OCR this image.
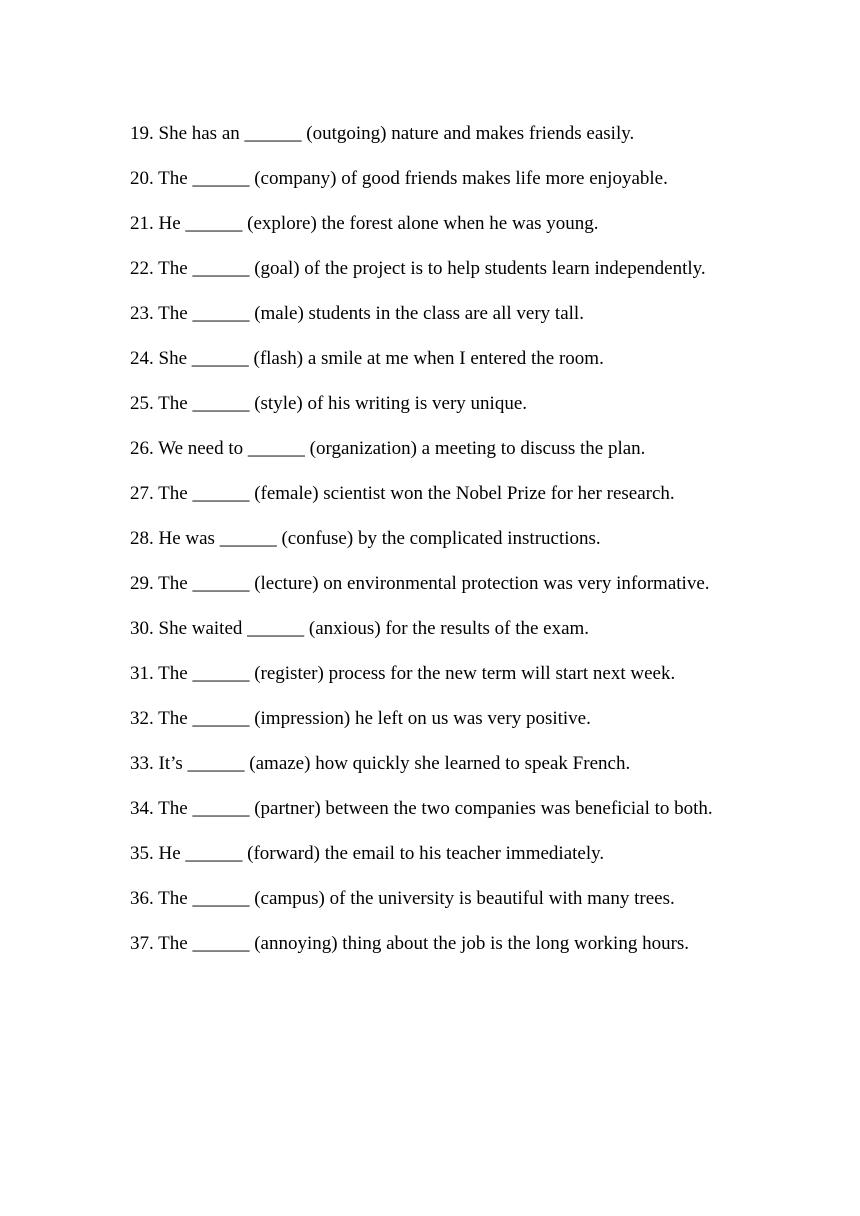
19. She has an ______ (outgoing) nature and makes friends easily.

20. The ______ (company) of good friends makes life more enjoyable.

21. He ______ (explore) the forest alone when he was young.

22. The ______ (goal) of the project is to help students learn independently.

23. The ______ (male) students in the class are all very tall.

24. She ______ (flash) a smile at me when I entered the room.

25. The ______ (style) of his writing is very unique.

26. We need to ______ (organization) a meeting to discuss the plan.

27. The ______ (female) scientist won the Nobel Prize for her research.

28. He was ______ (confuse) by the complicated instructions.

29. The ______ (lecture) on environmental protection was very informative.

30. She waited ______ (anxious) for the results of the exam.

31. The ______ (register) process for the new term will start next week.

32. The ______ (impression) he left on us was very positive.

33. It’s ______ (amaze) how quickly she learned to speak French.

34. The ______ (partner) between the two companies was beneficial to both.

35. He ______ (forward) the email to his teacher immediately.

36. The ______ (campus) of the university is beautiful with many trees.

37. The ______ (annoying) thing about the job is the long working hours.
